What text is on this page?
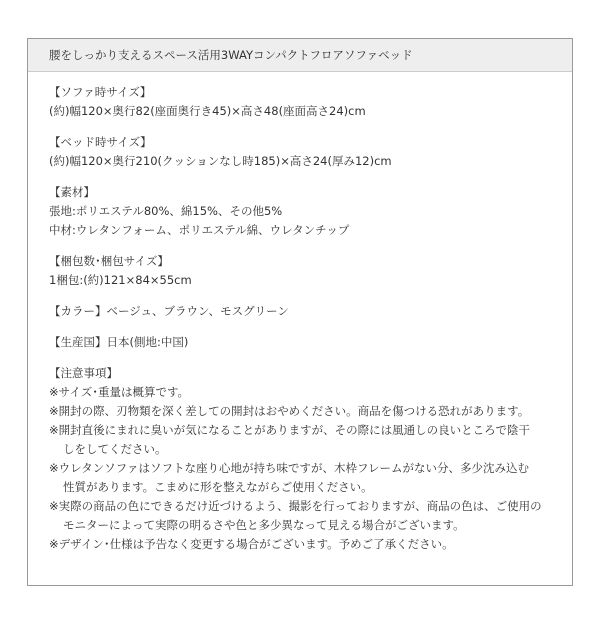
腰をしっかり支えるスペース活用3WAYコンパクトフロアソファベッド
【ソファ時サイズ】
(約)幅120×奥行82(座面奥行き45)×高さ48(座面高さ24)cm
【ベッド時サイズ】
(約)幅120×奥行210(クッションなし時185)×高さ24(厚み12)cm
【素材】
張地:ポリエステル80%、綿15%、その他5%
中材:ウレタンフォーム、ポリエステル綿、ウレタンチップ
【梱包数･梱包サイズ】
1梱包:(約)121×84×55cm
【カラー】ベージュ、ブラウン、モスグリーン
【生産国】日本(側地:中国)
【注意事項】
※サイズ･重量は概算です。
※開封の際、刃物類を深く差しての開封はおやめください。商品を傷つける恐れがあります。
※開封直後にまれに臭いが気になることがありますが、その際には風通しの良いところで陰干
しをしてください。
※ウレタンソファはソフトな座り心地が持ち味ですが、木枠フレームがない分、多少沈み込む
性質があります。こまめに形を整えながらご使用ください。
※実際の商品の色にできるだけ近づけるよう、撮影を行っておりますが、商品の色は、ご使用の
モニターによって実際の明るさや色と多少異なって見える場合がございます。
※デザイン･仕様は予告なく変更する場合がございます。予めご了承ください。
